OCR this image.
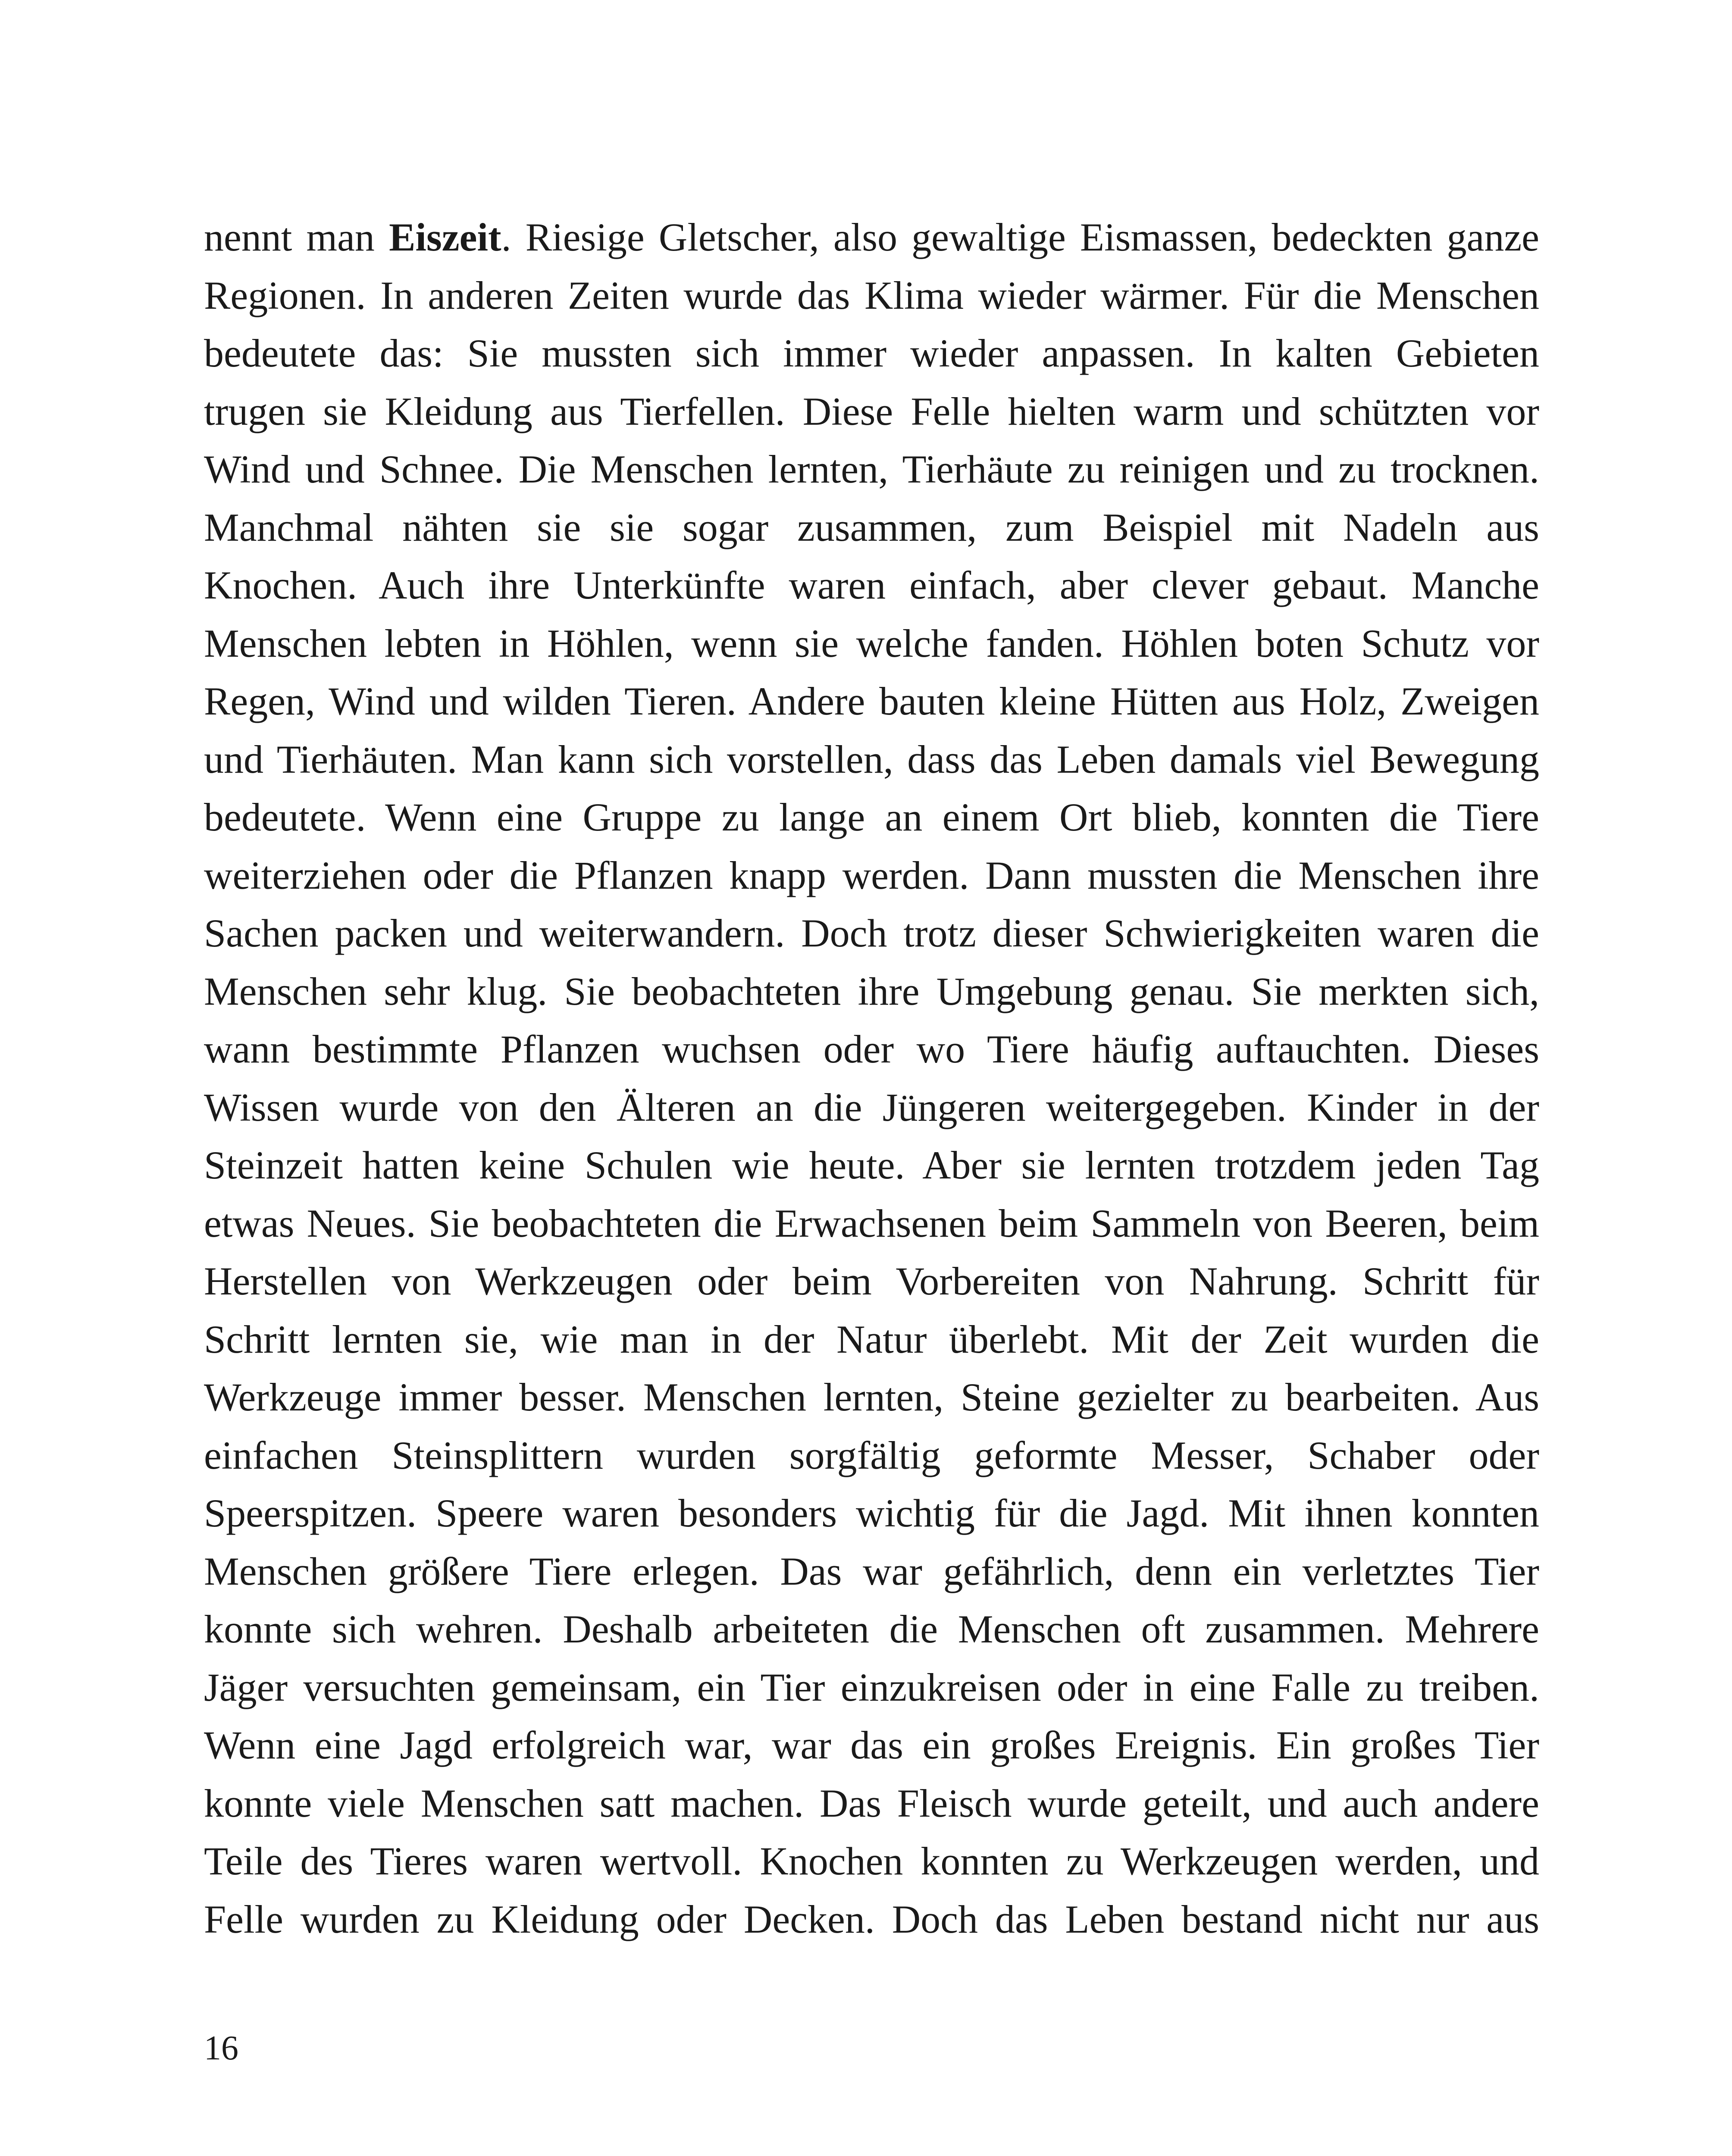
nennt man Eiszeit. Riesige Gletscher, also gewaltige Eismassen, bedeckten ganze
Regionen. In anderen Zeiten wurde das Klima wieder wärmer. Für die Menschen
bedeutete das: Sie mussten sich immer wieder anpassen. In kalten Gebieten
trugen sie Kleidung aus Tierfellen. Diese Felle hielten warm und schützten vor
Wind und Schnee. Die Menschen lernten, Tierhäute zu reinigen und zu trocknen.
Manchmal nähten sie sie sogar zusammen, zum Beispiel mit Nadeln aus
Knochen. Auch ihre Unterkünfte waren einfach, aber clever gebaut. Manche
Menschen lebten in Höhlen, wenn sie welche fanden. Höhlen boten Schutz vor
Regen, Wind und wilden Tieren. Andere bauten kleine Hütten aus Holz, Zweigen
und Tierhäuten. Man kann sich vorstellen, dass das Leben damals viel Bewegung
bedeutete. Wenn eine Gruppe zu lange an einem Ort blieb, konnten die Tiere
weiterziehen oder die Pflanzen knapp werden. Dann mussten die Menschen ihre
Sachen packen und weiterwandern. Doch trotz dieser Schwierigkeiten waren die
Menschen sehr klug. Sie beobachteten ihre Umgebung genau. Sie merkten sich,
wann bestimmte Pflanzen wuchsen oder wo Tiere häufig auftauchten. Dieses
Wissen wurde von den Älteren an die Jüngeren weitergegeben. Kinder in der
Steinzeit hatten keine Schulen wie heute. Aber sie lernten trotzdem jeden Tag
etwas Neues. Sie beobachteten die Erwachsenen beim Sammeln von Beeren, beim
Herstellen von Werkzeugen oder beim Vorbereiten von Nahrung. Schritt für
Schritt lernten sie, wie man in der Natur überlebt. Mit der Zeit wurden die
Werkzeuge immer besser. Menschen lernten, Steine gezielter zu bearbeiten. Aus
einfachen Steinsplittern wurden sorgfältig geformte Messer, Schaber oder
Speerspitzen. Speere waren besonders wichtig für die Jagd. Mit ihnen konnten
Menschen größere Tiere erlegen. Das war gefährlich, denn ein verletztes Tier
konnte sich wehren. Deshalb arbeiteten die Menschen oft zusammen. Mehrere
Jäger versuchten gemeinsam, ein Tier einzukreisen oder in eine Falle zu treiben.
Wenn eine Jagd erfolgreich war, war das ein großes Ereignis. Ein großes Tier
konnte viele Menschen satt machen. Das Fleisch wurde geteilt, und auch andere
Teile des Tieres waren wertvoll. Knochen konnten zu Werkzeugen werden, und
Felle wurden zu Kleidung oder Decken. Doch das Leben bestand nicht nur aus

16
